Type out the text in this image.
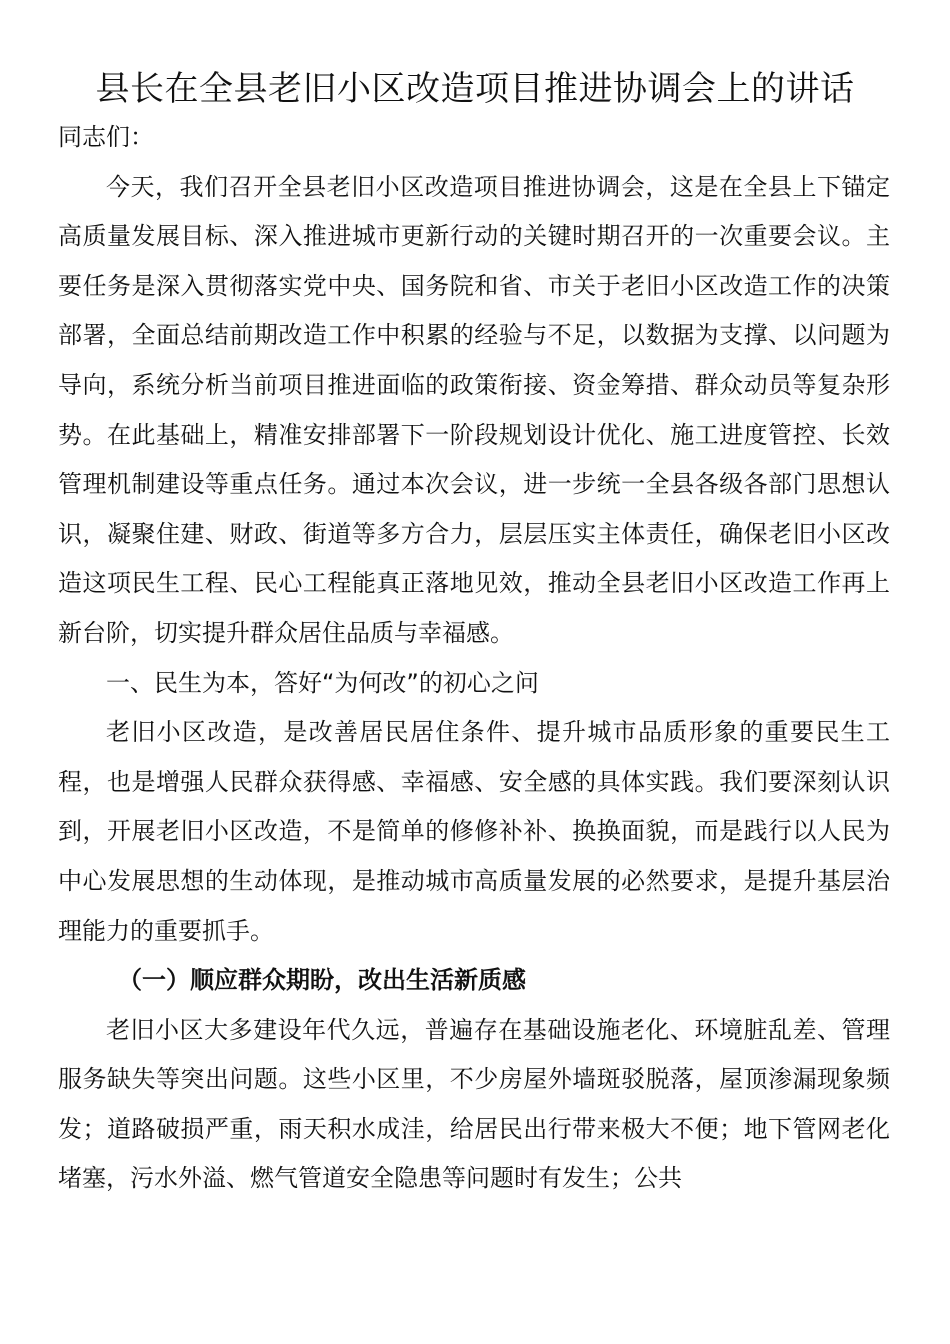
县长在全县老旧小区改造项目推进协调会上的讲话

同志们：

今天，我们召开全县老旧小区改造项目推进协调会，这是在全县上下锚定高质量发展目标、深入推进城市更新行动的关键时期召开的一次重要会议。主要任务是深入贯彻落实党中央、国务院和省、市关于老旧小区改造工作的决策部署，全面总结前期改造工作中积累的经验与不足，以数据为支撑、以问题为导向，系统分析当前项目推进面临的政策衔接、资金筹措、群众动员等复杂形势。在此基础上，精准安排部署下一阶段规划设计优化、施工进度管控、长效管理机制建设等重点任务。通过本次会议，进一步统一全县各级各部门思想认识，凝聚住建、财政、街道等多方合力，层层压实主体责任，确保老旧小区改造这项民生工程、民心工程能真正落地见效，推动全县老旧小区改造工作再上新台阶，切实提升群众居住品质与幸福感。

一、民生为本，答好“为何改”的初心之问

老旧小区改造，是改善居民居住条件、提升城市品质形象的重要民生工程，也是增强人民群众获得感、幸福感、安全感的具体实践。我们要深刻认识到，开展老旧小区改造，不是简单的修修补补、换换面貌，而是践行以人民为中心发展思想的生动体现，是推动城市高质量发展的必然要求，是提升基层治理能力的重要抓手。

（一）顺应群众期盼，改出生活新质感

老旧小区大多建设年代久远，普遍存在基础设施老化、环境脏乱差、管理服务缺失等突出问题。这些小区里，不少房屋外墙斑驳脱落，屋顶渗漏现象频发；道路破损严重，雨天积水成洼，给居民出行带来极大不便；地下管网老化堵塞，污水外溢、燃气管道安全隐患等问题时有发生；公共
